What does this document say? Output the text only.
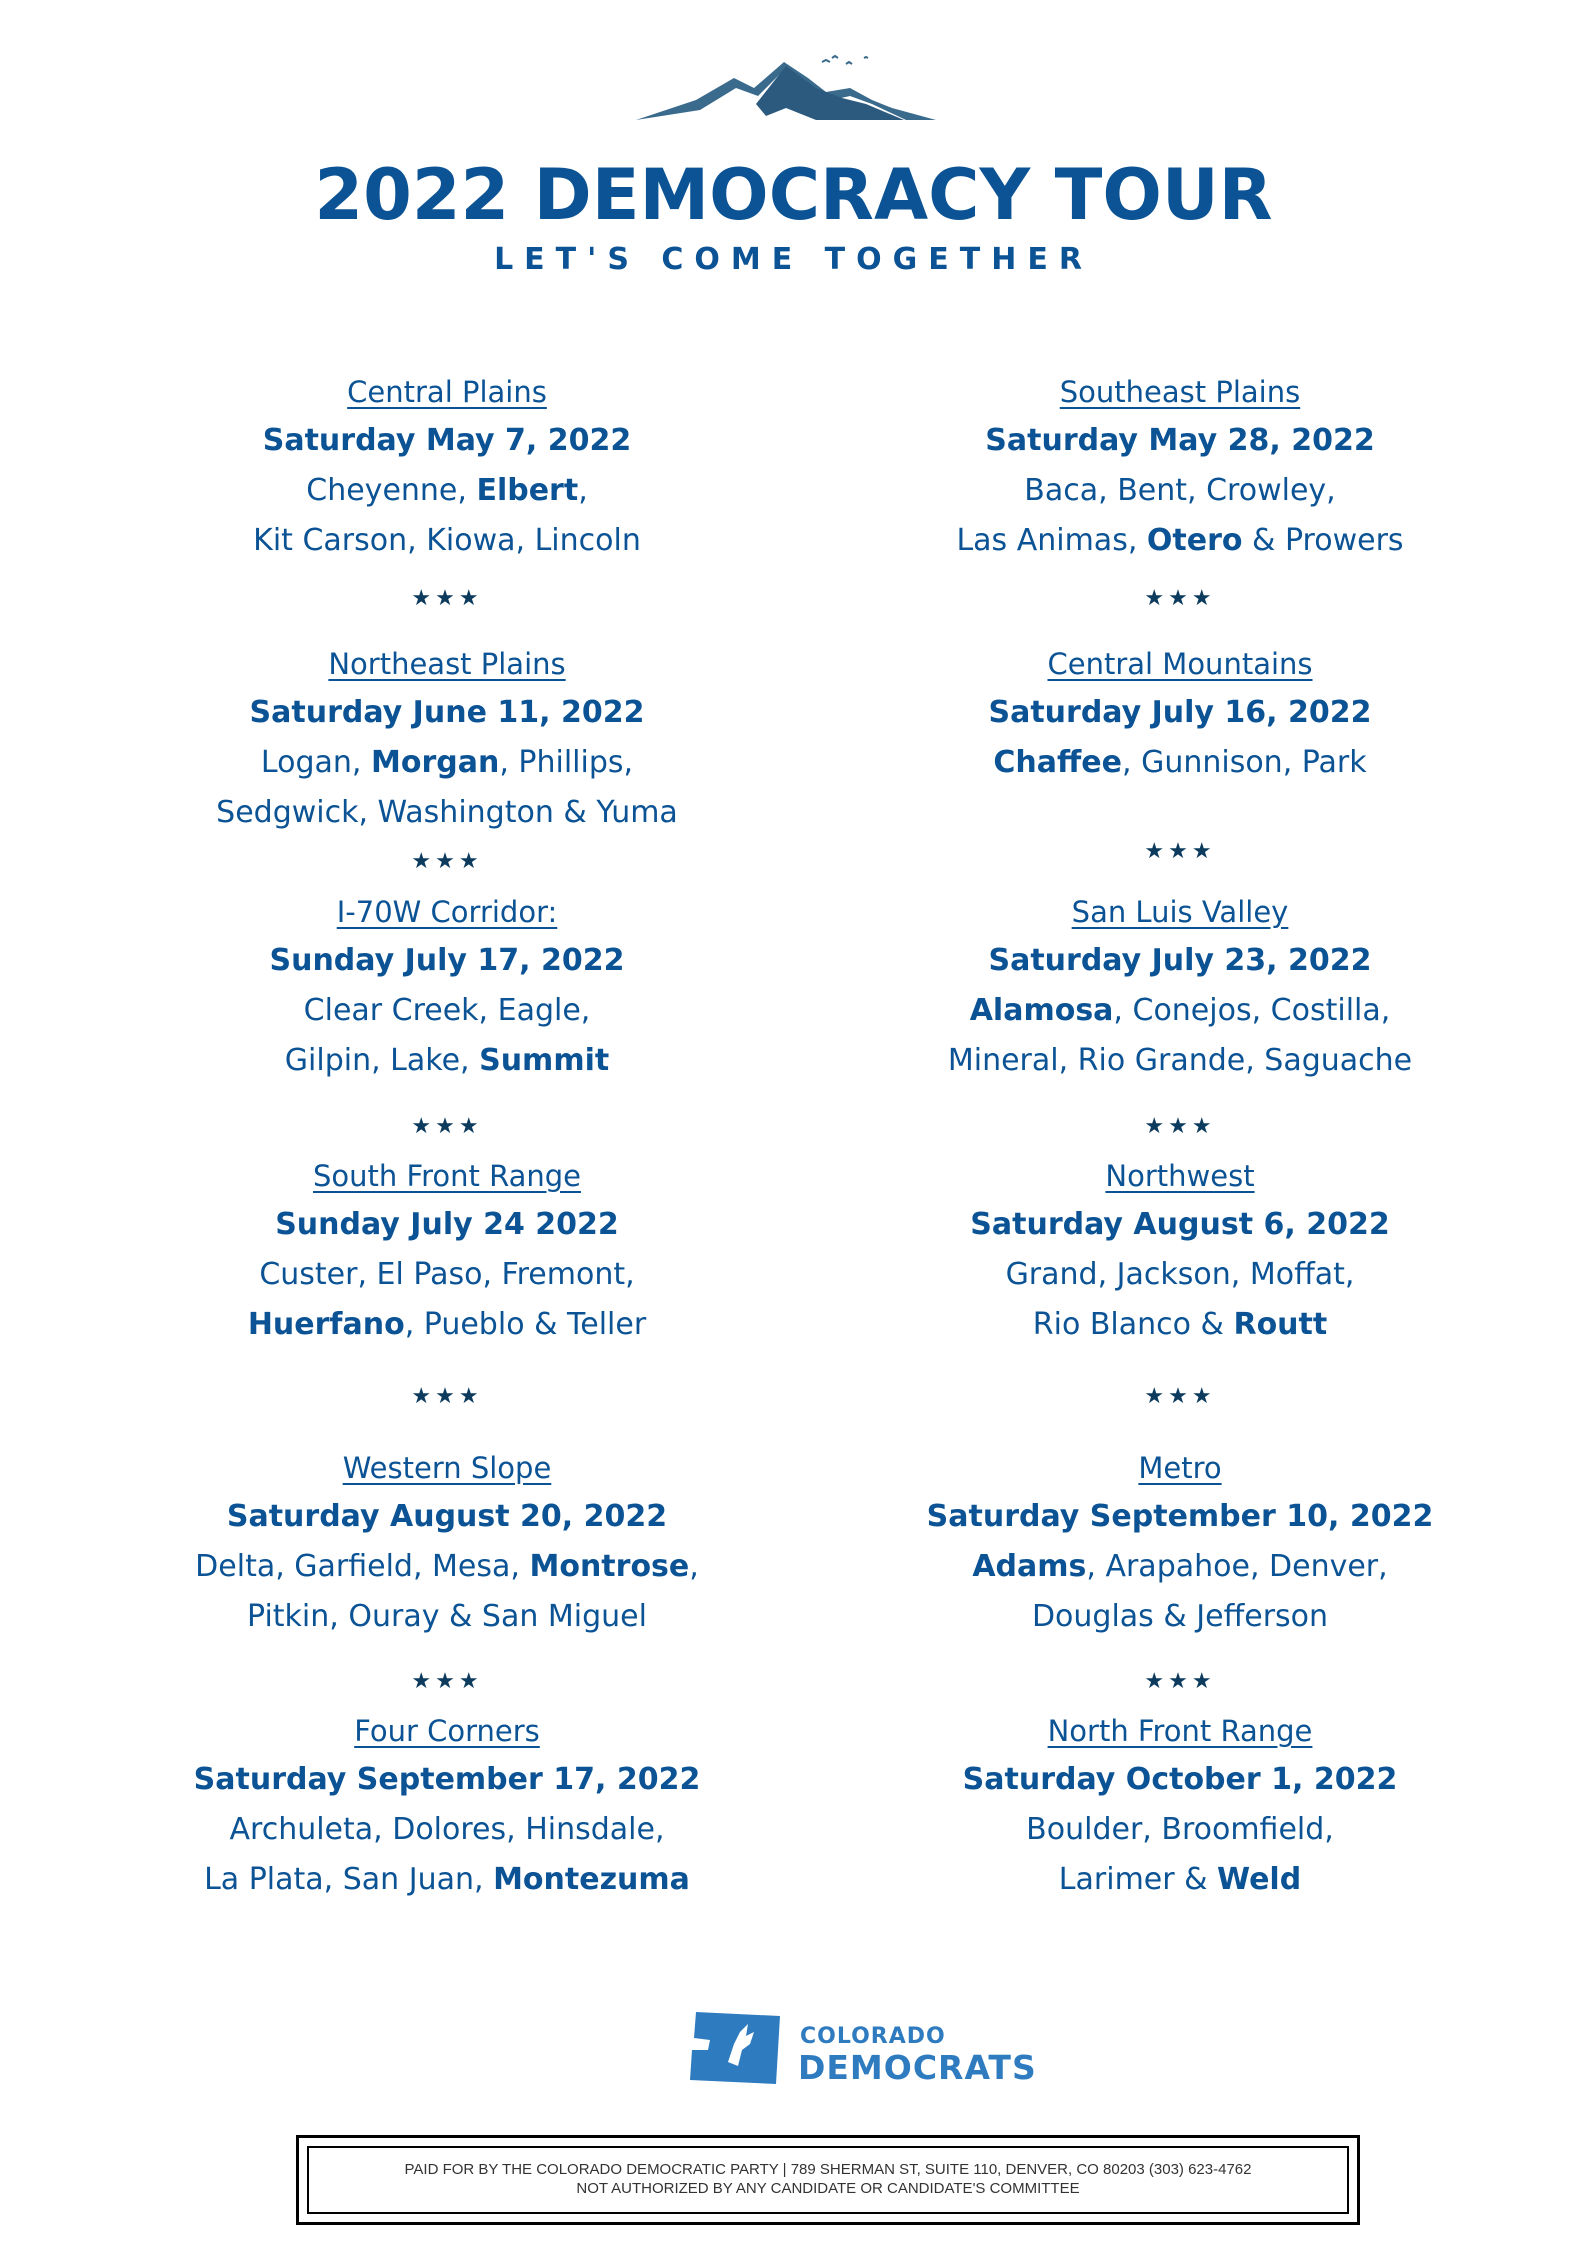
2022 DEMOCRACY TOUR
LET'S COME TOGETHER
Central Plains
Saturday May 7, 2022
Cheyenne, Elbert,
Kit Carson, Kiowa, Lincoln
Northeast Plains
Saturday June 11, 2022
Logan, Morgan, Phillips,
Sedgwick, Washington & Yuma
I-70W Corridor:
Sunday July 17, 2022
Clear Creek, Eagle,
Gilpin, Lake, Summit
South Front Range
Sunday July 24 2022
Custer, El Paso, Fremont,
Huerfano, Pueblo & Teller
Western Slope
Saturday August 20, 2022
Delta, Garfield, Mesa, Montrose,
Pitkin, Ouray & San Miguel
Four Corners
Saturday September 17, 2022
Archuleta, Dolores, Hinsdale,
La Plata, San Juan, Montezuma
★★★
★★★
★★★
★★★
★★★
Southeast Plains
Saturday May 28, 2022
Baca, Bent, Crowley,
Las Animas, Otero & Prowers
Central Mountains
Saturday July 16, 2022
Chaffee, Gunnison, Park
San Luis Valley
Saturday July 23, 2022
Alamosa, Conejos, Costilla,
Mineral, Rio Grande, Saguache
Northwest
Saturday August 6, 2022
Grand, Jackson, Moffat,
Rio Blanco & Routt
Metro
Saturday September 10, 2022
Adams, Arapahoe, Denver,
Douglas & Jefferson
North Front Range
Saturday October 1, 2022
Boulder, Broomfield,
Larimer & Weld
★★★
★★★
★★★
★★★
★★★
COLORADO
DEMOCRATS
PAID FOR BY THE COLORADO DEMOCRATIC PARTY | 789 SHERMAN ST, SUITE 110, DENVER, CO 80203 (303) 623-4762
NOT AUTHORIZED BY ANY CANDIDATE OR CANDIDATE'S COMMITTEE
